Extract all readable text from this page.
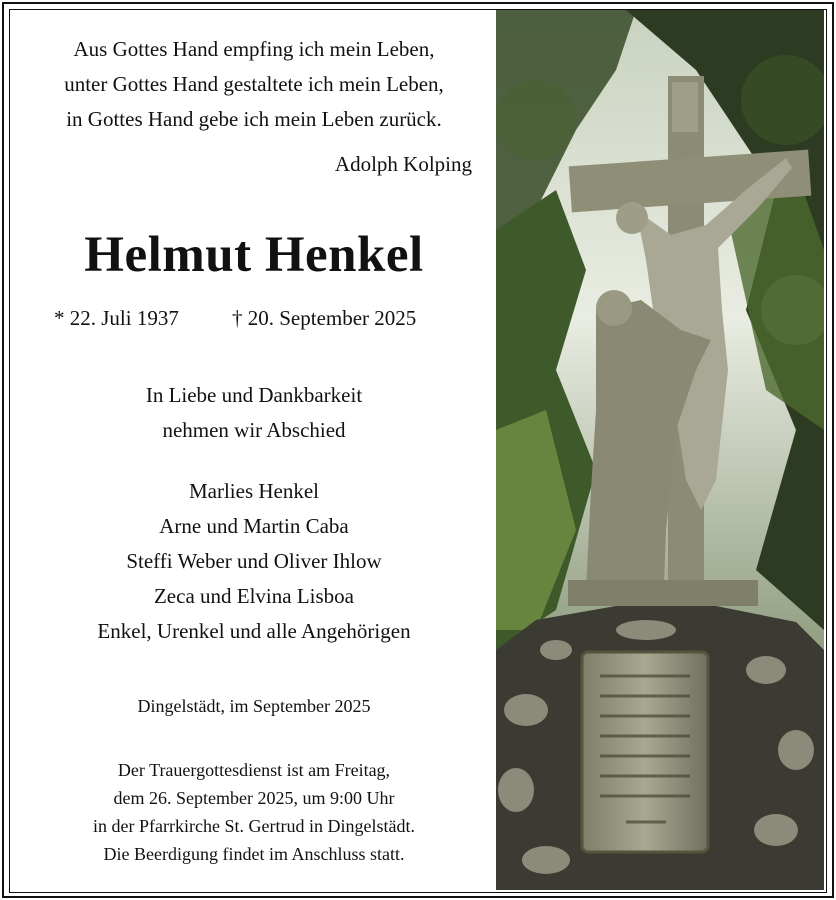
Aus Gottes Hand empfing ich mein Leben,
unter Gottes Hand gestaltete ich mein Leben,
in Gottes Hand gebe ich mein Leben zurück.
Adolph Kolping
Helmut Henkel
* 22. Juli 1937	† 20. September 2025
In Liebe und Dankbarkeit
nehmen wir Abschied
Marlies Henkel
Arne und Martin Caba
Steffi Weber und Oliver Ihlow
Zeca und Elvina Lisboa
Enkel, Urenkel und alle Angehörigen
Dingelstädt, im September 2025
Der Trauergottesdienst ist am Freitag,
dem 26. September 2025, um 9:00 Uhr
in der Pfarrkirche St. Gertrud in Dingelstädt.
Die Beerdigung findet im Anschluss statt.
